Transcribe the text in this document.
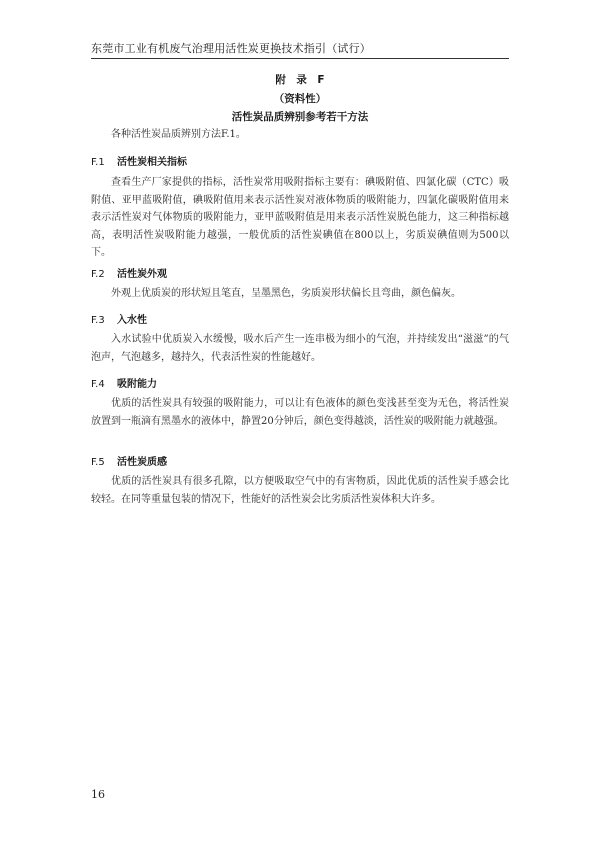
东莞市工业有机废气治理用活性炭更换技术指引（试行）
附　录　F
（资料性）
活性炭品质辨别参考若干方法
各种活性炭品质辨别方法F.1。
F.1 活性炭相关指标
查看生产厂家提供的指标，活性炭常用吸附指标主要有：碘吸附值、四氯化碳（CTC）吸附值、亚甲蓝吸附值，碘吸附值用来表示活性炭对液体物质的吸附能力，四氯化碳吸附值用来表示活性炭对气体物质的吸附能力，亚甲蓝吸附值是用来表示活性炭脱色能力，这三种指标越高，表明活性炭吸附能力越强，一般优质的活性炭碘值在800以上，劣质炭碘值则为500以下。
F.2 活性炭外观
外观上优质炭的形状短且笔直，呈墨黑色，劣质炭形状偏长且弯曲，颜色偏灰。
F.3 入水性
入水试验中优质炭入水缓慢，吸水后产生一连串极为细小的气泡，并持续发出“滋滋”的气泡声，气泡越多，越持久，代表活性炭的性能越好。
F.4 吸附能力
优质的活性炭具有较强的吸附能力，可以让有色液体的颜色变浅甚至变为无色，将活性炭放置到一瓶滴有黑墨水的液体中，静置20分钟后，颜色变得越淡，活性炭的吸附能力就越强。
F.5 活性炭质感
优质的活性炭具有很多孔隙，以方便吸取空气中的有害物质，因此优质的活性炭手感会比较轻。在同等重量包装的情况下，性能好的活性炭会比劣质活性炭体积大许多。
16
